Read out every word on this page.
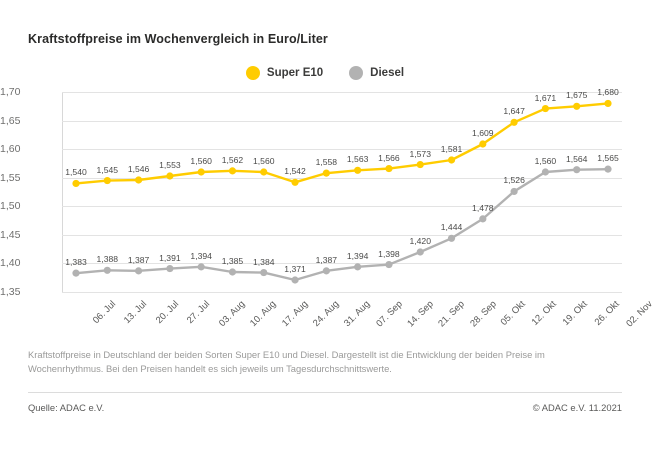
Kraftstoffpreise im Wochenvergleich in Euro/Liter
Super E10	Diesel
1,70
1,65
1,60
1,55
1,50
1,45
1,40
1,35
1,540 1,545 1,546 1,553 1,560 1,562 1,560
1,542
1,558 1,563 1,566 1,573 1,581
1,609
1,647
1,671 1,675 1,680
1,383 1,388 1,387 1,391 1,394
1,385 1,384
1,371
1,387 1,394 1,398
1,420
1,444
1,478
1,526
1,560 1,564 1,565
06. Jul 13. Jul 20. Jul 27. Jul 03. Aug 10. Aug 17. Aug 24. Aug 31. Aug 07. Sep 14. Sep 21. Sep 28. Sep 05. Okt 12. Okt 19. Okt 26. Okt 02. Nov
Kraftstoffpreise in Deutschland der beiden Sorten Super E10 und Diesel. Dargestellt ist die Entwicklung der beiden Preise im Wochenrhythmus. Bei den Preisen handelt es sich jeweils um Tagesdurchschnittswerte.
Quelle: ADAC e.V.	© ADAC e.V. 11.2021
